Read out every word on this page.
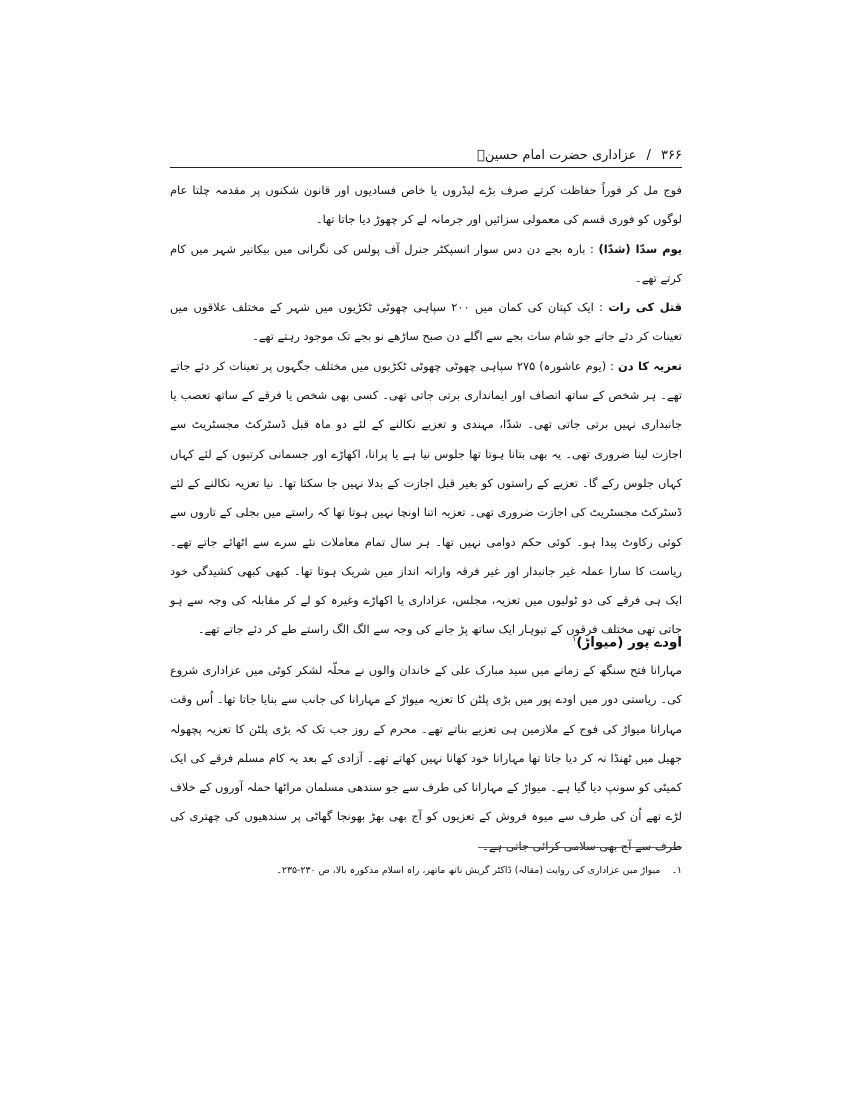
۳۶۶ / عزاداری حضرت امام حسینؑ

فوج مل کر فوراً حفاظت کرتے صرف بڑے لیڈروں یا خاص فسادیوں اور قانون شکنوں پر مقدمہ چلتا عام لوگوں کو فوری قسم کی معمولی سزائیں اور جرمانہ لے کر چھوڑ دیا جاتا تھا۔

یوم سدّا (شدّا) : بارہ بجے دن دس سوار انسپکٹر جنرل آف پولس کی نگرانی میں بیکانیر شہر میں کام کرتے تھے۔

قتل کی رات : ایک کپتان کی کمان میں ۲۰۰ سپاہی چھوٹی ٹکڑیوں میں شہر کے مختلف علاقوں میں تعینات کر دئے جاتے جو شام سات بجے سے اگلے دن صبح ساڑھے نو بجے تک موجود رہتے تھے۔

تعزیہ کا دن : (یوم عاشورہ) ۲۷۵ سپاہی چھوٹی چھوٹی ٹکڑیوں میں مختلف جگہوں پر تعینات کر دئے جاتے تھے۔ ہر شخص کے ساتھ انصاف اور ایمانداری برتی جاتی تھی۔ کسی بھی شخص یا فرقے کے ساتھ تعصب یا جانبداری نہیں برتی جاتی تھی۔ شدّا، مہندی و تعزیے نکالنے کے لئے دو ماہ قبل ڈسٹرکٹ مجسٹریٹ سے اجازت لینا ضروری تھی۔ یہ بھی بتانا ہوتا تھا جلوس نیا ہے یا پرانا، اکھاڑے اور جسمانی کرتبوں کے لئے کہاں کہاں جلوس رکے گا۔ تعزیے کے راستوں کو بغیر قبل اجازت کے بدلا نہیں جا سکتا تھا۔ نیا تعزیہ نکالنے کے لئے ڈسٹرکٹ مجسٹریٹ کی اجازت ضروری تھی۔ تعزیہ اتنا اونچا نہیں ہوتا تھا کہ راستے میں بجلی کے تاروں سے کوئی رکاوٹ پیدا ہو۔ کوئی حکم دوامی نہیں تھا۔ ہر سال تمام معاملات نئے سرے سے اٹھائے جاتے تھے۔ ریاست کا سارا عملہ غیر جانبدار اور غیر فرقہ وارانہ انداز میں شریک ہوتا تھا۔ کبھی کبھی کشیدگی خود ایک ہی فرقے کی دو ٹولیوں میں تعزیہ، مجلس، عزاداری یا اکھاڑے وغیرہ کو لے کر مقابلہ کی وجہ سے ہو جاتی تھی مختلف فرقوں کے تیوہار ایک ساتھ پڑ جانے کی وجہ سے الگ الگ راستے طے کر دئے جاتے تھے۔

اودے پور (میواڑ)$^۱$

مہارانا فتح سنگھ کے زمانے میں سید مبارک علی کے خاندان والوں نے محلّہ لشکر کوٹی میں عزاداری شروع کی۔ ریاستی دور میں اودے پور میں بڑی پلٹن کا تعزیہ میواڑ کے مہارانا کی جانب سے بنایا جاتا تھا۔ اُس وقت مہارانا میواڑ کی فوج کے ملازمین ہی تعزیے بناتے تھے۔ محرم کے روز جب تک کہ بڑی پلٹن کا تعزیہ پچھولہ جھیل میں ٹھنڈا نہ کر دیا جاتا تھا مہارانا خود کھانا نہیں کھاتے تھے۔ آزادی کے بعد یہ کام مسلم فرقے کی ایک کمیٹی کو سونپ دیا گیا ہے۔ میواڑ کے مہارانا کی طرف سے جو سندھی مسلمان مراٹھا حملہ آوروں کے خلاف لڑے تھے اُن کی طرف سے میوہ فروش کے تعزیوں کو آج بھی بھڑ بھونجا گھاٹی پر سندھیوں کی چھتری کی طرف سے آج بھی سلامی کرائی جاتی ہے۔

۱۔ میواڑ میں عزاداری کی روایت (مقالہ) ڈاکٹر گریش ناتھ ماتھر، راہ اسلام مذکورہ بالا، ص ۲۳۰-۲۳۵۔
